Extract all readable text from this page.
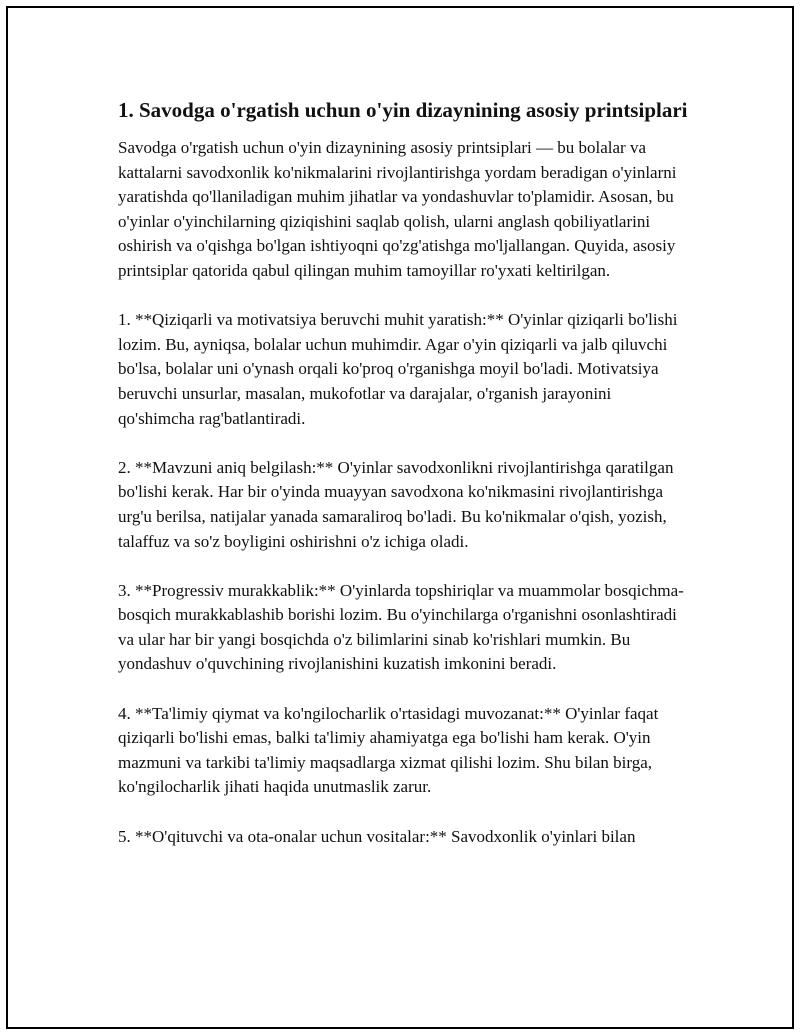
1. Savodga o'rgatish uchun o'yin dizaynining asosiy printsiplari

Savodga o'rgatish uchun o'yin dizaynining asosiy printsiplari — bu bolalar va kattalarni savodxonlik ko'nikmalarini rivojlantirishga yordam beradigan o'yinlarni yaratishda qo'llaniladigan muhim jihatlar va yondashuvlar to'plamidir. Asosan, bu o'yinlar o'yinchilarning qiziqishini saqlab qolish, ularni anglash qobiliyatlarini oshirish va o'qishga bo'lgan ishtiyoqni qo'zg'atishga mo'ljallangan. Quyida, asosiy printsiplar qatorida qabul qilingan muhim tamoyillar ro'yxati keltirilgan.

1. **Qiziqarli va motivatsiya beruvchi muhit yaratish:** O'yinlar qiziqarli bo'lishi lozim. Bu, ayniqsa, bolalar uchun muhimdir. Agar o'yin qiziqarli va jalb qiluvchi bo'lsa, bolalar uni o'ynash orqali ko'proq o'rganishga moyil bo'ladi. Motivatsiya beruvchi unsurlar, masalan, mukofotlar va darajalar, o'rganish jarayonini qo'shimcha rag'batlantiradi.

2. **Mavzuni aniq belgilash:** O'yinlar savodxonlikni rivojlantirishga qaratilgan bo'lishi kerak. Har bir o'yinda muayyan savodxona ko'nikmasini rivojlantirishga urg'u berilsa, natijalar yanada samaraliroq bo'ladi. Bu ko'nikmalar o'qish, yozish, talaffuz va so'z boyligini oshirishni o'z ichiga oladi.

3. **Progressiv murakkablik:** O'yinlarda topshiriqlar va muammolar bosqichma-bosqich murakkablashib borishi lozim. Bu o'yinchilarga o'rganishni osonlashtiradi va ular har bir yangi bosqichda o'z bilimlarini sinab ko'rishlari mumkin. Bu yondashuv o'quvchining rivojlanishini kuzatish imkonini beradi.

4. **Ta'limiy qiymat va ko'ngilocharlik o'rtasidagi muvozanat:** O'yinlar faqat qiziqarli bo'lishi emas, balki ta'limiy ahamiyatga ega bo'lishi ham kerak. O'yin mazmuni va tarkibi ta'limiy maqsadlarga xizmat qilishi lozim. Shu bilan birga, ko'ngilocharlik jihati haqida unutmaslik zarur.

5. **O'qituvchi va ota-onalar uchun vositalar:** Savodxonlik o'yinlari bilan
